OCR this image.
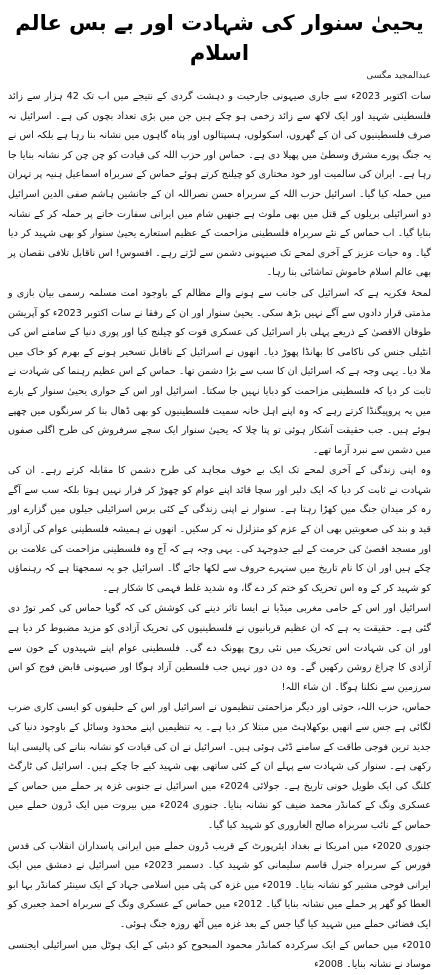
یحییٰ سنوار کی شہادت اور بے بس عالم اسلام
عبدالمجید مگسی

سات اکتوبر 2023ء سے جاری صیہونی جارحیت و دہشت گردی کے نتیجے میں اب تک 42 ہزار سے زائد فلسطینی شہید اور ایک لاکھ سے زائد زخمی ہو چکے ہیں جن میں بڑی تعداد بچوں کی ہے۔ اسرائیل نہ صرف فلسطینیوں کی ان کے گھروں، اسکولوں، ہسپتالوں اور پناہ گاہوں میں نشانہ بنا رہا ہے بلکہ اس نے یہ جنگ پورے مشرق وسطیٰ میں پھیلا دی ہے۔ حماس اور حزب اللہ کی قیادت کو چن چن کر نشانہ بنایا جا رہا ہے۔ ایران کی سالمیت اور خود مختاری کو چیلنج کرتے ہوئے حماس کے سربراہ اسماعیل ہنیہ پر تہران میں حملہ کیا گیا۔ اسرائیل حزب اللہ کے سربراہ حسن نصراللہ ان کے جانشین ہاشم صفی الدین اسرائیل دو اسرائیلی بریلوں کے قتل میں بھی ملوث ہے جنھیں شام میں ایرانی سفارت خانے پر حملہ کر کے نشانہ بنایا گیا۔ اب حماس کے نئے سربراہ فلسطینی مزاحمت کے عظیم استعارے یحییٰ سنوار کو بھی شہید کر دیا گیا۔ وہ حیات عزیز کے آخری لمحے تک صیہونی دشمن سے لڑتے رہے۔ افسوس! اس ناقابل تلافی نقصان پر بھی عالم اسلام خاموش تماشائی بنا رہا۔

لمحۂ فکریہ ہے کہ اسرائیل کی جانب سے ہونے والے مظالم کے باوجود امت مسلمہ رسمی بیان بازی و مذمتی قرار دادوں سے آگے نہیں بڑھ سکی۔ یحییٰ سنوار اور ان کے رفقا نے سات اکتوبر 2023ء کو آپریشن طوفان الاقصیٰ کے ذریعے پہلی بار اسرائیل کی عسکری قوت کو چیلنج کیا اور پوری دنیا کے سامنے اس کی انٹیلی جنس کی ناکامی کا بھانڈا پھوڑ دیا۔ انھوں نے اسرائیل کے ناقابل تسخیر ہونے کے بھرم کو خاک میں ملا دیا۔ یہی وجہ ہے کہ اسرائیل ان کا سب سے بڑا دشمن تھا۔ حماس کے اس عظیم رہنما کی شہادت نے ثابت کر دیا کہ فلسطینی مزاحمت کو دبایا نہیں جا سکتا۔ اسرائیل اور اس کے حواری یحییٰ سنوار کے بارے میں یہ پروپیگنڈا کرتے رہے کہ وہ اپنے اہل خانہ سمیت فلسطینیوں کو بھی ڈھال بنا کر سرنگوں میں چھپے ہوئے ہیں۔ جب حقیقت آشکار ہوئی تو پتا چلا کہ یحییٰ سنوار ایک سچے سرفروش کی طرح اگلی صفوں میں دشمن سے نبرد آزما تھے۔

وہ اپنی زندگی کے آخری لمحے تک ایک بے خوف مجاہد کی طرح دشمن کا مقابلہ کرتے رہے۔ ان کی شہادت نے ثابت کر دیا کہ ایک دلیر اور سچا قائد اپنے عوام کو چھوڑ کر فرار نہیں ہوتا بلکہ سب سے آگے رہ کر میدان جنگ میں کھڑا رہتا ہے۔ سنوار نے اپنی زندگی کے کئی برس اسرائیلی جیلوں میں گزارے اور قید و بند کی صعوبتیں بھی ان کے عزم کو متزلزل نہ کر سکیں۔ انھوں نے ہمیشہ فلسطینی عوام کی آزادی اور مسجد اقصیٰ کی حرمت کے لیے جدوجہد کی۔ یہی وجہ ہے کہ آج وہ فلسطینی مزاحمت کی علامت بن چکے ہیں اور ان کا نام تاریخ میں سنہرے حروف سے لکھا جائے گا۔ اسرائیل جو یہ سمجھتا ہے کہ رہنماؤں کو شہید کر کے وہ اس تحریک کو ختم کر دے گا، وہ شدید غلط فہمی کا شکار ہے۔

اسرائیل اور اس کے حامی مغربی میڈیا نے ایسا تاثر دینے کی کوشش کی کہ گویا حماس کی کمر توڑ دی گئی ہے۔ حقیقت یہ ہے کہ ان عظیم قربانیوں نے فلسطینیوں کی تحریک آزادی کو مزید مضبوط کر دیا ہے اور ان کی شہادت اس تحریک میں نئی روح پھونک دے گی۔ فلسطینی عوام اپنے شہیدوں کے خون سے آزادی کا چراغ روشن رکھیں گے۔ وہ دن دور نہیں جب فلسطین آزاد ہوگا اور صیہونی قابض فوج کو اس سرزمین سے نکلنا ہوگا۔ ان شاء اللہ!

حماس، حزب اللہ، حوثی اور دیگر مزاحمتی تنظیموں نے اسرائیل اور اس کے حلیفوں کو ایسی کاری ضرب لگائی ہے جس سے انھیں بوکھلاہٹ میں مبتلا کر دیا ہے۔ یہ تنظیمیں اپنے محدود وسائل کے باوجود دنیا کی جدید ترین فوجی طاقت کے سامنے ڈٹی ہوئی ہیں۔ اسرائیل نے ان کی قیادت کو نشانہ بنانے کی پالیسی اپنا رکھی ہے۔ سنوار کی شہادت سے پہلے ان کے کئی ساتھی بھی شہید کیے جا چکے ہیں۔ اسرائیل کی ٹارگٹ کلنگ کی ایک طویل خونی تاریخ ہے۔ جولائی 2024ء میں اسرائیل نے جنوبی غزہ پر حملے میں حماس کے عسکری ونگ کے کمانڈر محمد ضیف کو نشانہ بنایا۔ جنوری 2024ء میں بیروت میں ایک ڈرون حملے میں حماس کے نائب سربراہ صالح العاروری کو شہید کیا گیا۔

جنوری 2020ء میں امریکا نے بغداد ایئرپورٹ کے قریب ڈرون حملے میں ایرانی پاسداران انقلاب کی قدس فورس کے سربراہ جنرل قاسم سلیمانی کو شہید کیا۔ دسمبر 2023ء میں اسرائیل نے دمشق میں ایک ایرانی فوجی مشیر کو نشانہ بنایا۔ 2019ء میں غزہ کی پٹی میں اسلامی جہاد کے ایک سینئر کمانڈر بہا ابو العطا کو گھر پر حملے میں نشانہ بنایا گیا۔ 2012ء میں حماس کے عسکری ونگ کے سربراہ احمد جعبری کو ایک فضائی حملے میں شہید کیا گیا جس کے بعد غزہ میں آٹھ روزہ جنگ ہوئی۔

2010ء میں حماس کے ایک سرکردہ کمانڈر محمود المبحوح کو دبئی کے ایک ہوٹل میں اسرائیلی ایجنسی موساد نے نشانہ بنایا۔ 2008ء
